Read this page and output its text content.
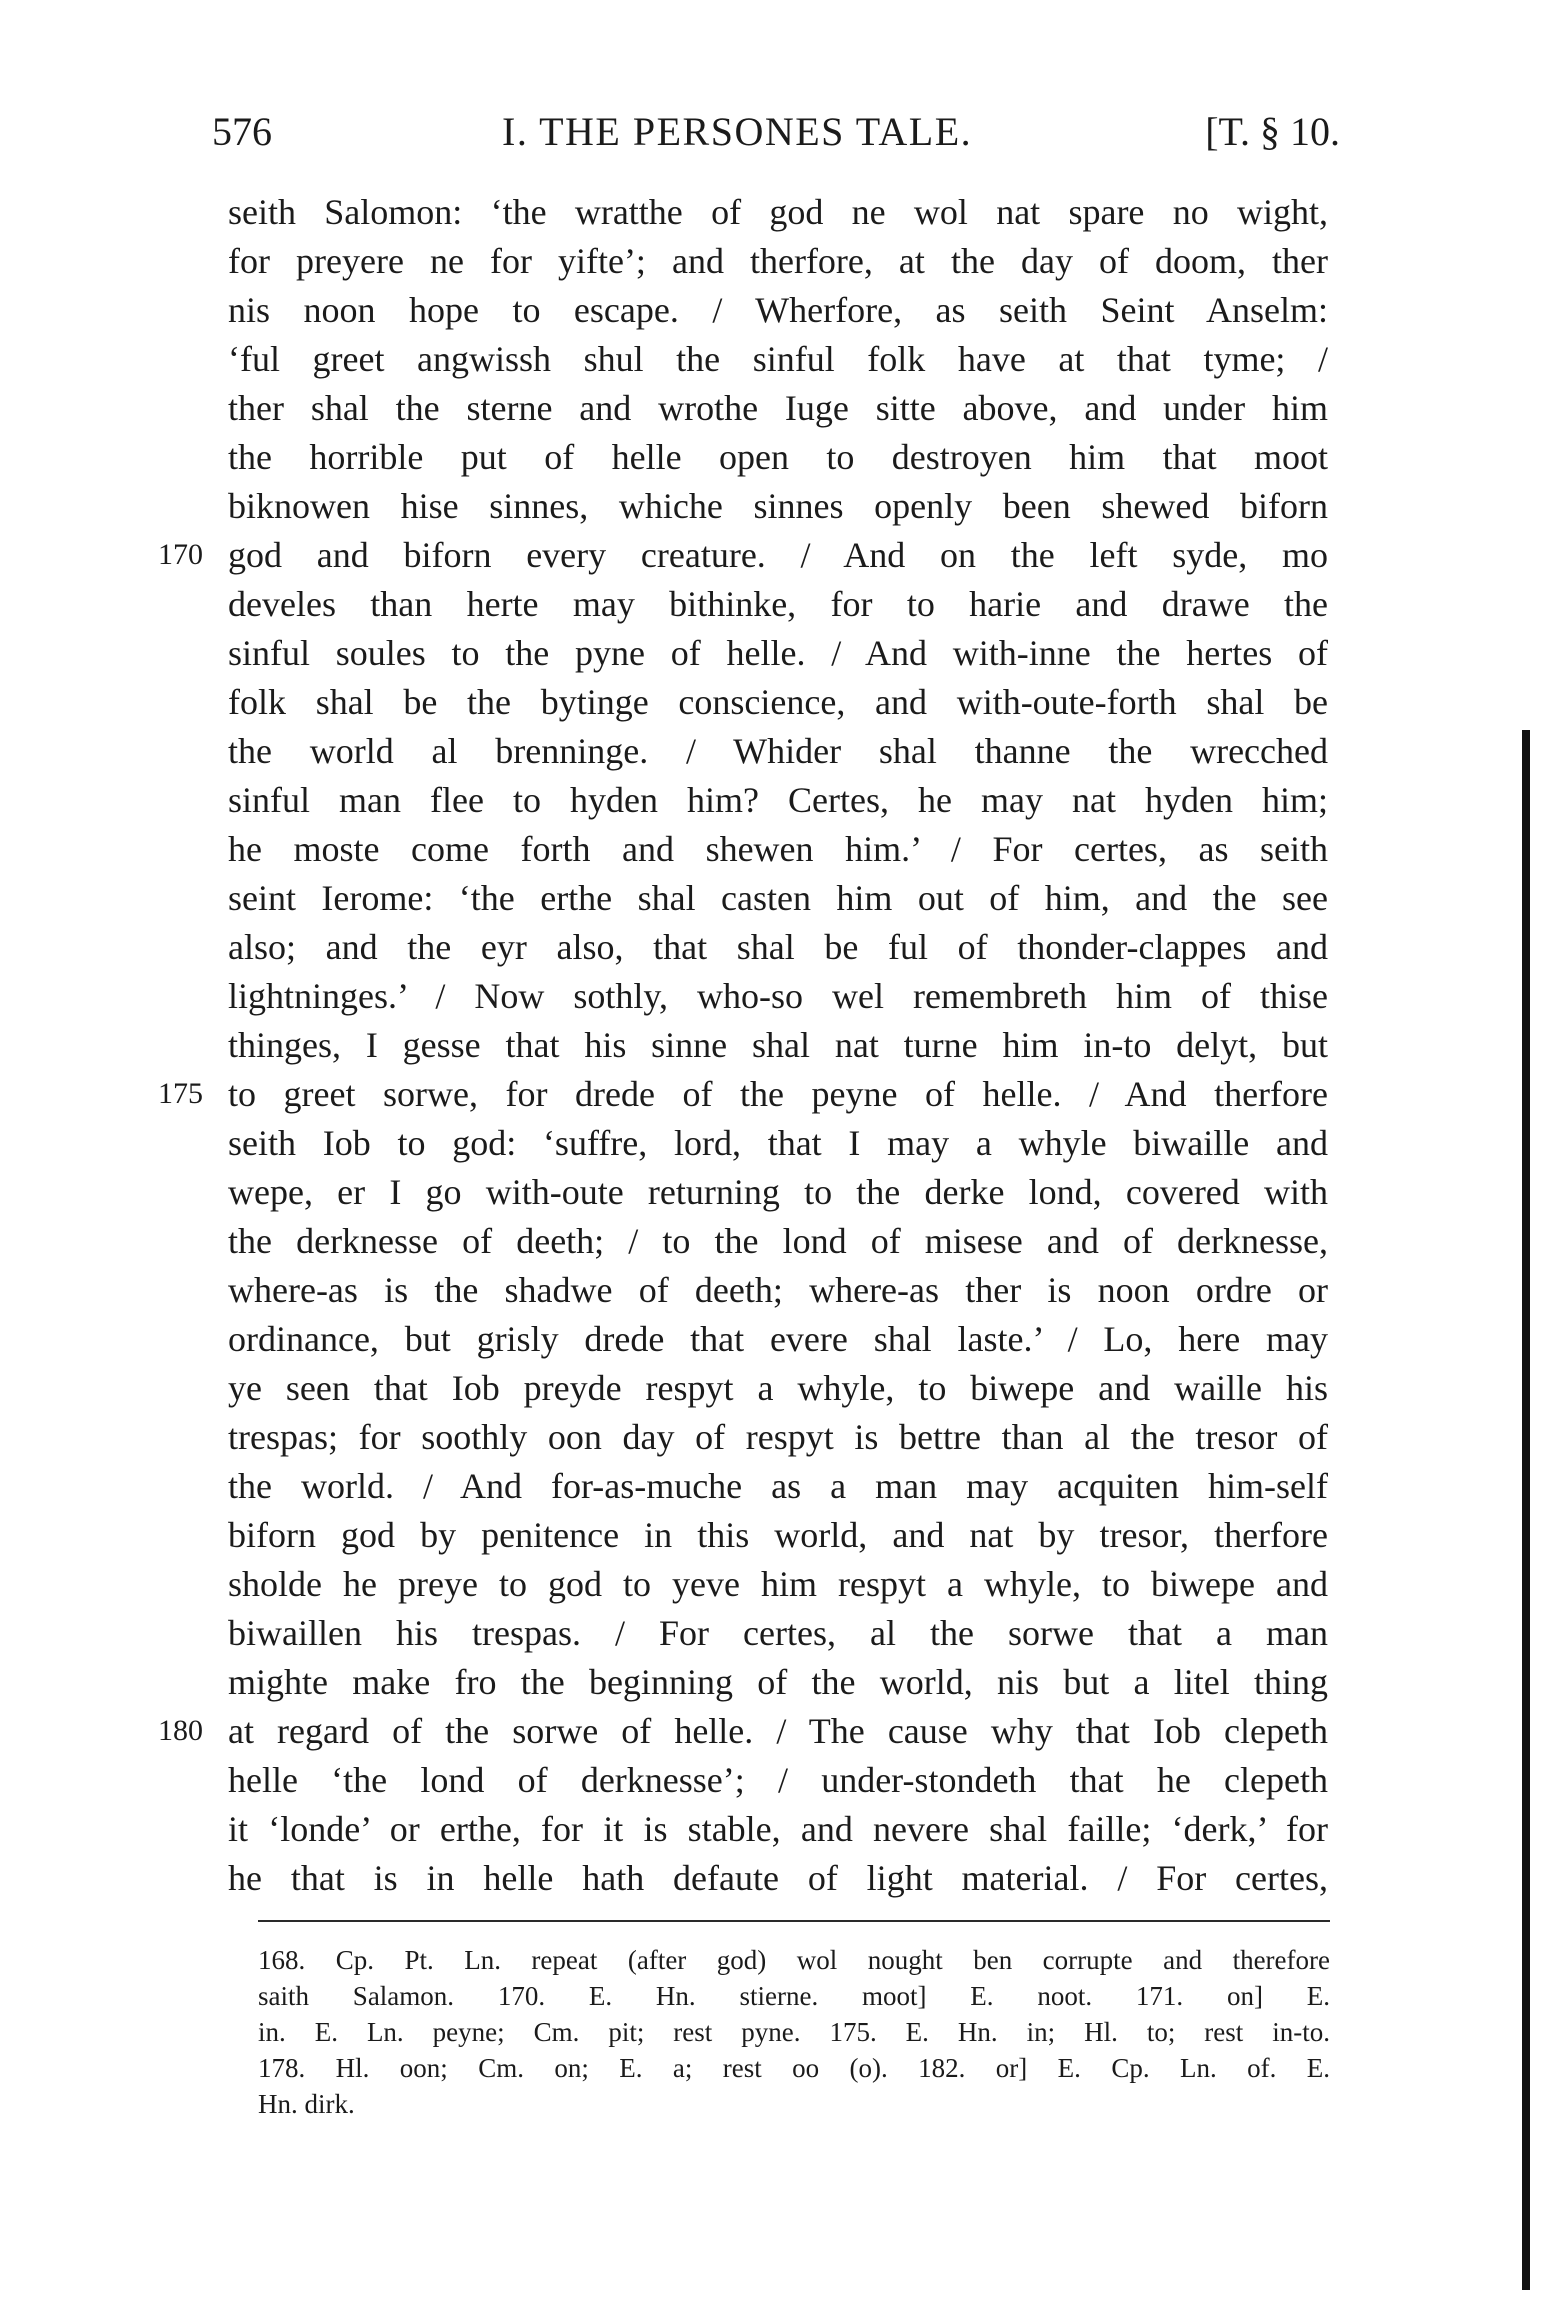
576	I. THE PERSONES TALE.	[T. § 10.
seith Salomon: ‘the wratthe of god ne wol nat spare no wight,
for preyere ne for yifte’; and therfore, at the day of doom, ther
nis noon hope to escape. / Wherfore, as seith Seint Anselm:
‘ful greet angwissh shul the sinful folk have at that tyme; /
ther shal the sterne and wrothe Iuge sitte above, and under him
the horrible put of helle open to destroyen him that moot
biknowen hise sinnes, whiche sinnes openly been shewed biforn
170 god and biforn every creature. / And on the left syde, mo
develes than herte may bithinke, for to harie and drawe the
sinful soules to the pyne of helle. / And with-inne the hertes of
folk shal be the bytinge conscience, and with-oute-forth shal be
the world al brenninge. / Whider shal thanne the wrecched
sinful man flee to hyden him? Certes, he may nat hyden him;
he moste come forth and shewen him.’ / For certes, as seith
seint Ierome: ‘the erthe shal casten him out of him, and the see
also; and the eyr also, that shal be ful of thonder-clappes and
lightninges.’ / Now sothly, who-so wel remembreth him of thise
thinges, I gesse that his sinne shal nat turne him in-to delyt, but
175 to greet sorwe, for drede of the peyne of helle. / And therfore
seith Iob to god: ‘suffre, lord, that I may a whyle biwaille and
wepe, er I go with-oute returning to the derke lond, covered with
the derknesse of deeth; / to the lond of misese and of derknesse,
where-as is the shadwe of deeth; where-as ther is noon ordre or
ordinance, but grisly drede that evere shal laste.’ / Lo, here may
ye seen that Iob preyde respyt a whyle, to biwepe and waille his
trespas; for soothly oon day of respyt is bettre than al the tresor of
the world. / And for-as-muche as a man may acquiten him-self
biforn god by penitence in this world, and nat by tresor, therfore
sholde he preye to god to yeve him respyt a whyle, to biwepe and
biwaillen his trespas. / For certes, al the sorwe that a man
mighte make fro the beginning of the world, nis but a litel thing
180 at regard of the sorwe of helle. / The cause why that Iob clepeth
helle ‘the lond of derknesse’; / under-stondeth that he clepeth
it ‘londe’ or erthe, for it is stable, and nevere shal faille; ‘derk,’ for
he that is in helle hath defaute of light material. / For certes,
168. Cp. Pt. Ln. repeat (after god) wol nought ben corrupte and therefore
saith Salamon. 170. E. Hn. stierne. moot] E. noot. 171. on] E.
in. E. Ln. peyne; Cm. pit; rest pyne. 175. E. Hn. in; Hl. to; rest in-to.
178. Hl. oon; Cm. on; E. a; rest oo (o). 182. or] E. Cp. Ln. of. E.
Hn. dirk.
